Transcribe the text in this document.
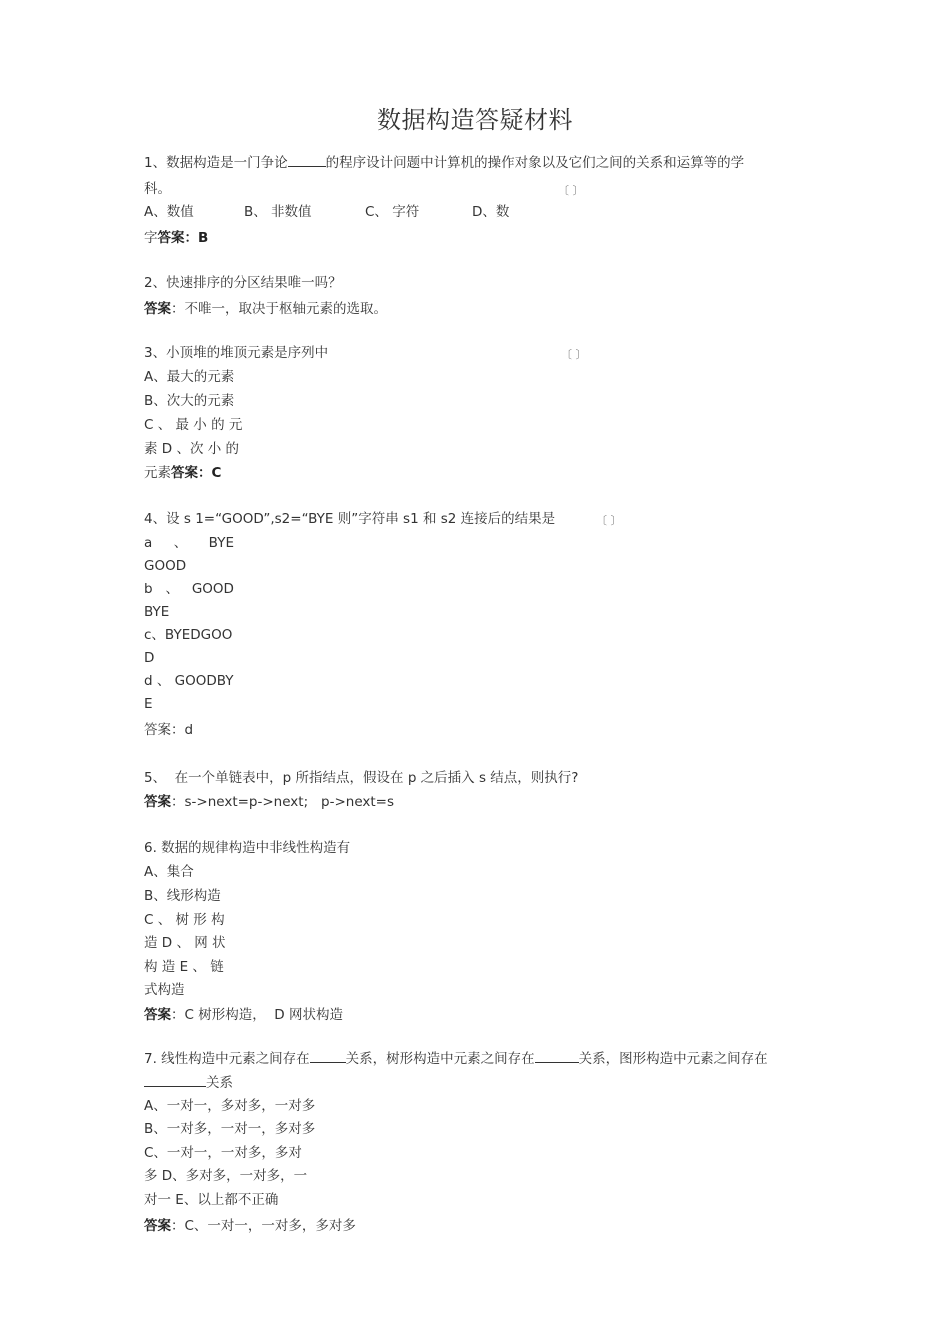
数据构造答疑材料
1、数据构造是一门争论	的程序设计问题中计算机的操作对象以及它们之间的关系和运算等的学
科。	〔 〕
A、数值	B、 非数值	C、 字符	D、数
字答案：B
2、快速排序的分区结果唯一吗？
答案：不唯一，取决于枢轴元素的选取。
3、小顶堆的堆顶元素是序列中	〔 〕
A、最大的元素
B、次大的元素
C 、 最 小 的 元
素 D 、次 小 的
元素答案：C
4、设 s 1=“GOOD”,s2=“BYE 则”字符串 s1 和 s2 连接后的结果是	〔 〕
a     、     BYE
GOOD
b   、   GOOD
BYE
c、BYEDGOO
D
d 、 GOODBY
E
答案：d
5、  在一个单链表中，p 所指结点，假设在 p 之后插入 s 结点，则执行?
答案：s->next=p->next;   p->next=s
6. 数据的规律构造中非线性构造有
A、集合
B、线形构造
C 、 树 形 构
造 D 、 网 状
构 造 E 、 链
式构造
答案：C 树形构造，  D 网状构造
7. 线性构造中元素之间存在	关系，树形构造中元素之间存在	关系，图形构造中元素之间存在
关系
A、一对一，多对多，一对多
B、一对多，一对一，多对多
C、一对一，一对多，多对
多 D、多对多，一对多，一
对一 E、以上都不正确
答案：C、一对一，一对多，多对多
